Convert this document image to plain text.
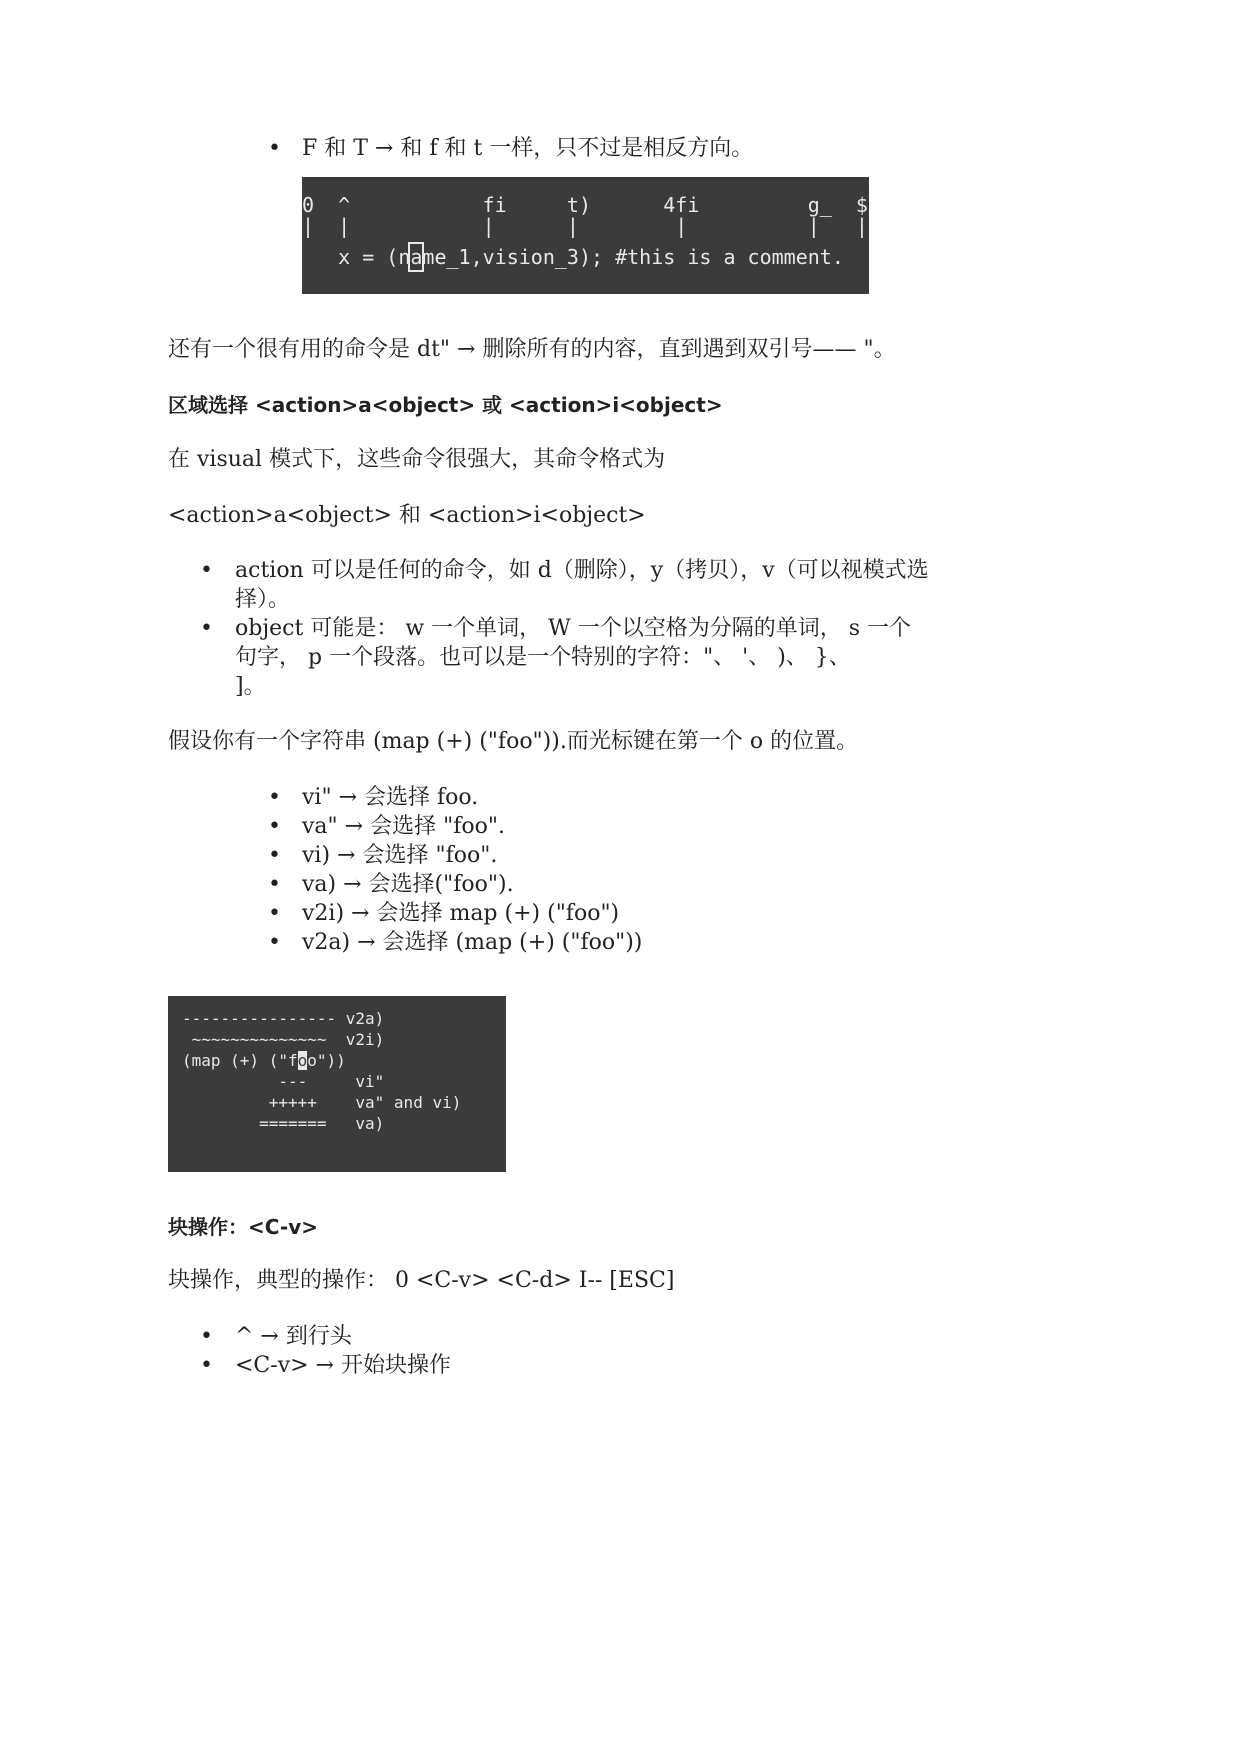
• F 和 T → 和 f 和 t 一样，只不过是相反方向。
0  ^           fi     t)      4fi         g_  $
|  |           |      |        |          |   |
x = (name_1,vision_3); #this is a comment.
还有一个很有用的命令是 dt" → 删除所有的内容，直到遇到双引号—— "。
区域选择 <action>a<object> 或 <action>i<object>
在 visual 模式下，这些命令很强大，其命令格式为
<action>a<object> 和 <action>i<object>
• action 可以是任何的命令，如 d（删除），y（拷贝），v（可以视模式选
择）。
• object 可能是： w 一个单词， W 一个以空格为分隔的单词， s 一个
句字， p 一个段落。也可以是一个特别的字符："、 '、 )、 }、
]。
假设你有一个字符串 (map (+) ("foo")).而光标键在第一个 o 的位置。
• vi" → 会选择 foo.
• va" → 会选择 "foo".
• vi) → 会选择 "foo".
• va) → 会选择("foo").
• v2i) → 会选择 map (+) ("foo")
• v2a) → 会选择 (map (+) ("foo"))
---------------- v2a)
~~~~~~~~~~~~~~  v2i)
(map (+) ("foo"))
---     vi"
+++++    va" and vi)
=======   va)
块操作：<C-v>
块操作，典型的操作： 0 <C-v> <C-d> I-- [ESC]
• ^ → 到行头
• <C-v> → 开始块操作
